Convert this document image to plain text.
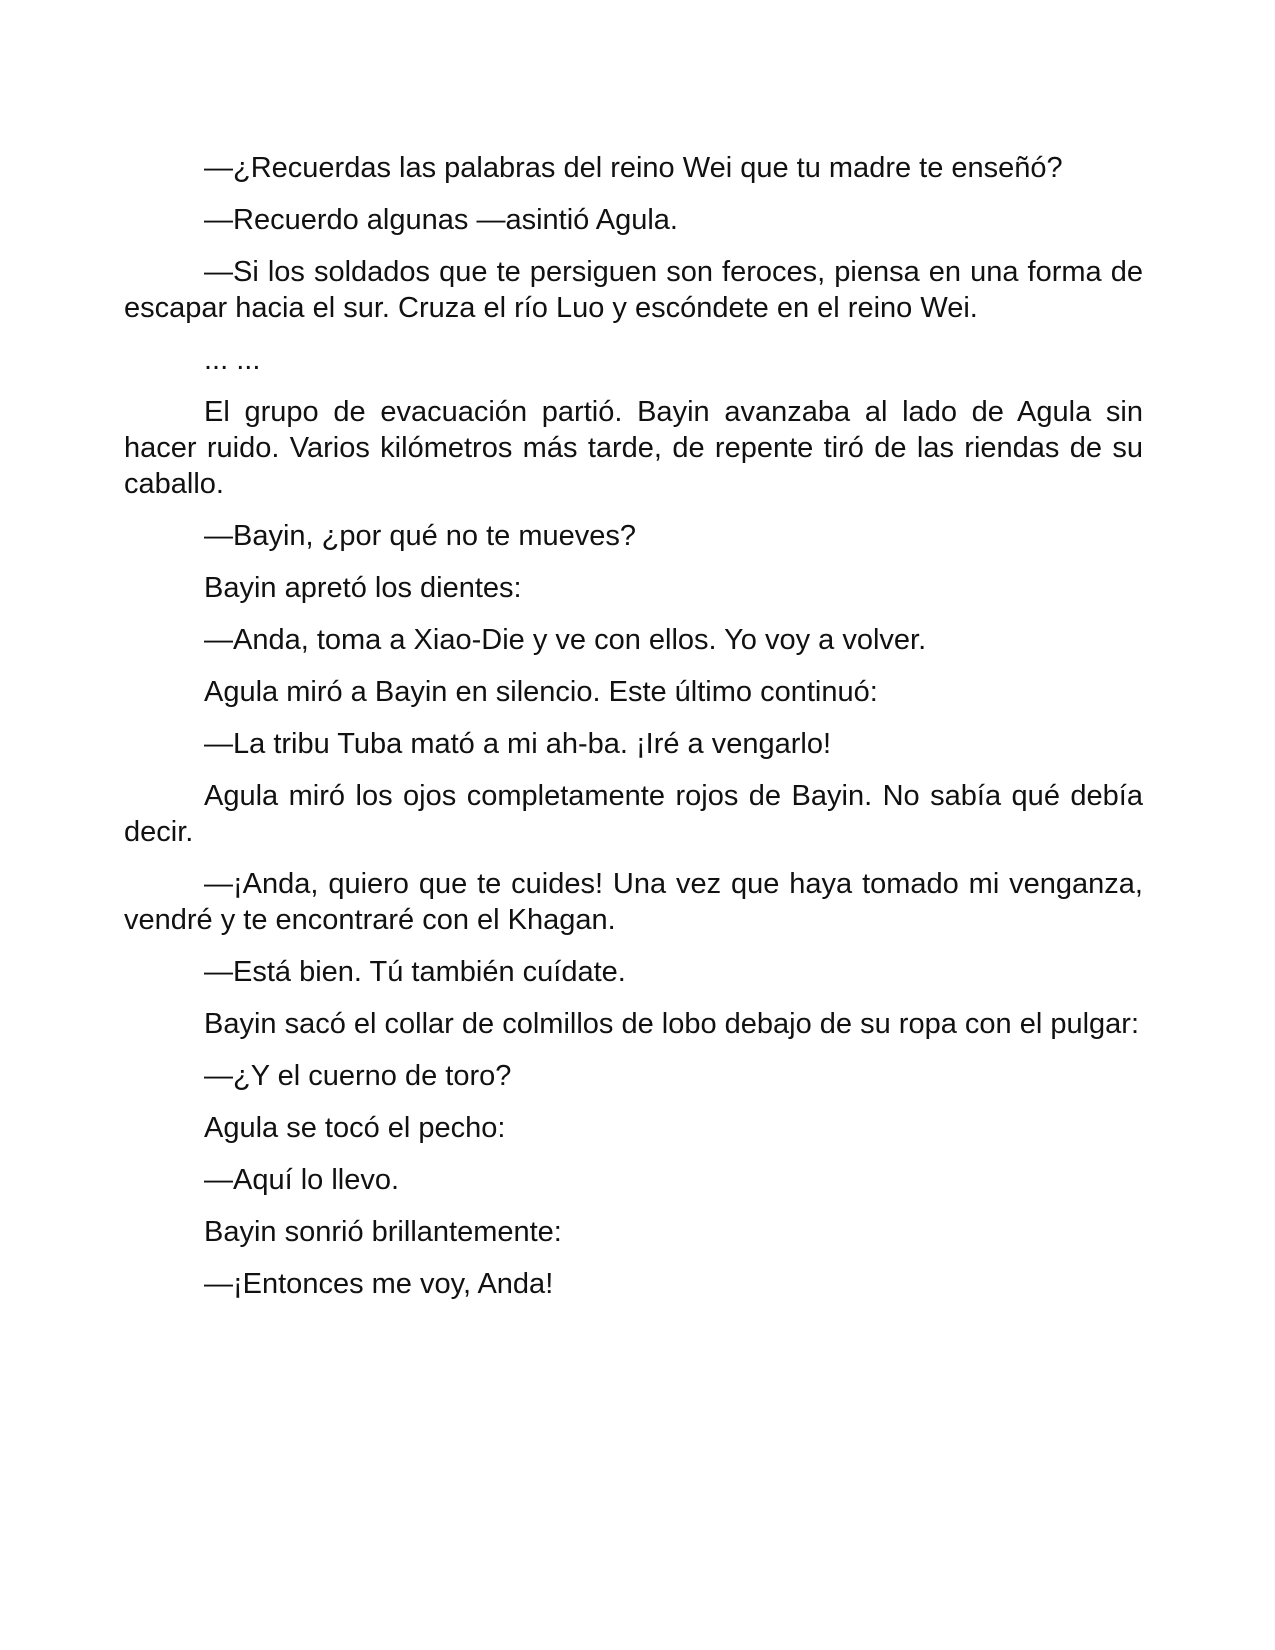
—¿Recuerdas las palabras del reino Wei que tu madre te enseñó?

—Recuerdo algunas —asintió Agula.

—Si los soldados que te persiguen son feroces, piensa en una forma de escapar hacia el sur. Cruza el río Luo y escóndete en el reino Wei.

... ...

El grupo de evacuación partió. Bayin avanzaba al lado de Agula sin hacer ruido. Varios kilómetros más tarde, de repente tiró de las riendas de su caballo.

—Bayin, ¿por qué no te mueves?

Bayin apretó los dientes:

—Anda, toma a Xiao-Die y ve con ellos. Yo voy a volver.

Agula miró a Bayin en silencio. Este último continuó:

—La tribu Tuba mató a mi ah-ba. ¡Iré a vengarlo!

Agula miró los ojos completamente rojos de Bayin. No sabía qué debía decir.

—¡Anda, quiero que te cuides! Una vez que haya tomado mi venganza, vendré y te encontraré con el Khagan.

—Está bien. Tú también cuídate.

Bayin sacó el collar de colmillos de lobo debajo de su ropa con el pulgar:

—¿Y el cuerno de toro?

Agula se tocó el pecho:

—Aquí lo llevo.

Bayin sonrió brillantemente:

—¡Entonces me voy, Anda!
